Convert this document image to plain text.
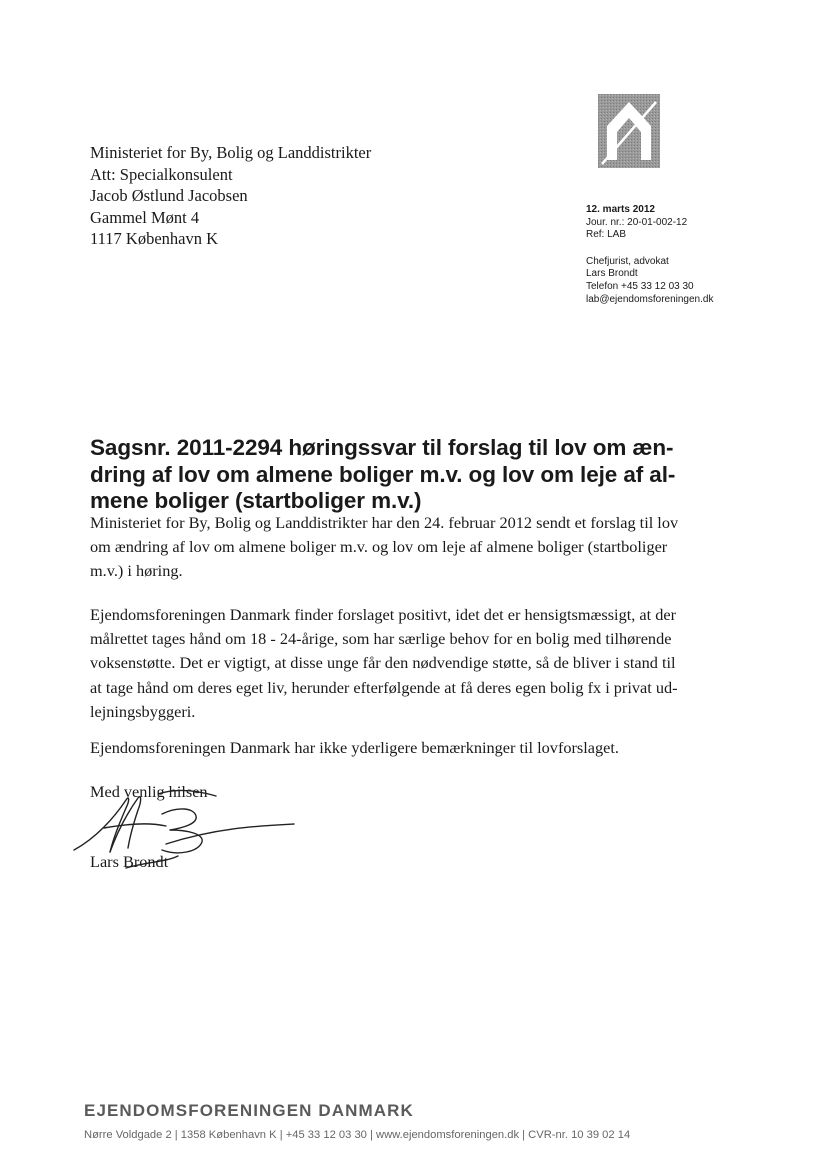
Ministeriet for By, Bolig og Landdistrikter
Att: Specialkonsulent
Jacob Østlund Jacobsen
Gammel Mønt 4
1117 København K
12. marts 2012
Jour. nr.: 20-01-002-12
Ref: LAB
Chefjurist, advokat
Lars Brondt
Telefon +45 33 12 03 30
lab@ejendomsforeningen.dk
Sagsnr. 2011-2294 høringssvar til forslag til lov om æn-
dring af lov om almene boliger m.v. og lov om leje af al-
mene boliger (startboliger m.v.)
Ministeriet for By, Bolig og Landdistrikter har den 24. februar 2012 sendt et forslag til lov
om ændring af lov om almene boliger m.v. og lov om leje af almene boliger (startboliger
m.v.) i høring.
Ejendomsforeningen Danmark finder forslaget positivt, idet det er hensigtsmæssigt, at der
målrettet tages hånd om 18 - 24-årige, som har særlige behov for en bolig med tilhørende
voksenstøtte. Det er vigtigt, at disse unge får den nødvendige støtte, så de bliver i stand til
at tage hånd om deres eget liv, herunder efterfølgende at få deres egen bolig fx i privat ud-
lejningsbyggeri.
Ejendomsforeningen Danmark har ikke yderligere bemærkninger til lovforslaget.
Med venlig hilsen
Lars Brondt
EJENDOMSFORENINGEN DANMARK
Nørre Voldgade 2 | 1358 København K | +45 33 12 03 30 | www.ejendomsforeningen.dk | CVR-nr. 10 39 02 14
